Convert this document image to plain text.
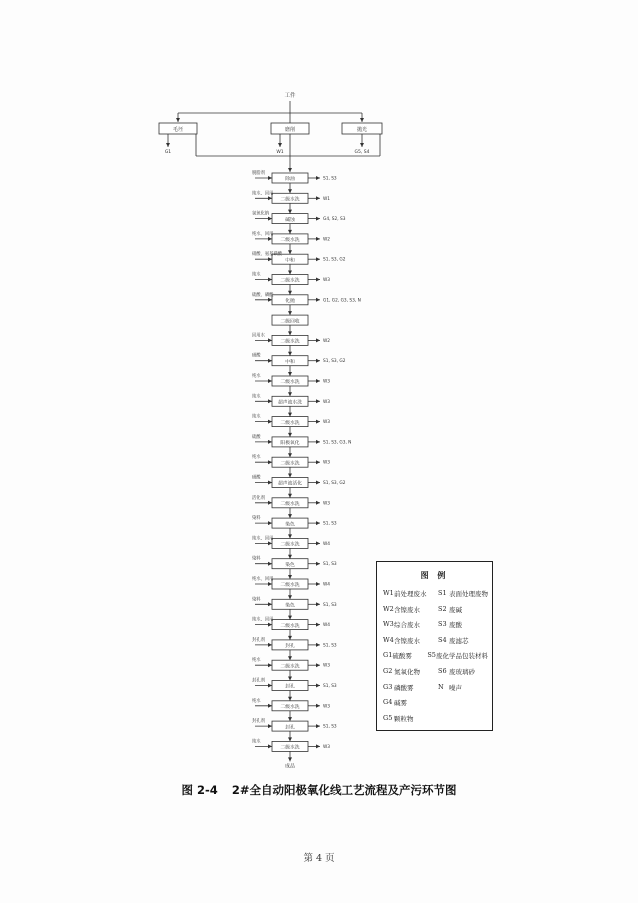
工件
毛坯
G1
磨削
W1
抛光
G5, S4
除油
脱脂剂
S1, S3
二级水洗
纯水、回用
W1
碱蚀
氢氧化钠
G4, S2, S3
二级水洗
纯水、回用
W2
中和
硝酸、氨基磺酸
S1, S3, G2
二级水洗
纯水
W3
化抛
硫酸、磷酸
G1, G2, G3, S3, N
二级回收
二级水洗
回用水
W2
中和
硝酸
S1, S3, G2
二级水洗
纯水
W3
超声波水洗
纯水
W3
二级水洗
纯水
W3
阳极氧化
硫酸
S1, S3, G3, N
二级水洗
纯水
W3
超声波活化
硝酸
S1, S3, G2
二级水洗
活化剂
W3
染色
染料
S1, S3
二级水洗
纯水、回用
W4
染色
染料
S1, S3
二级水洗
纯水、回用
W4
染色
染料
S1, S3
二级水洗
纯水、回用
W4
封孔
封孔剂
S1, S3
二级水洗
纯水
W3
封孔
封孔剂
S1, S3
二级水洗
纯水
W3
封孔
封孔剂
S1, S3
二级水洗
纯水
W3
成品
图 例
W1 前处理废水	S1 表面处理废物
W2 含镍废水	S2 废碱
W3 综合废水	S3 废酸
W4 含镍废水	S4 废滤芯
G1 硫酸雾	S5 废化学品包装材料
G2 氮氧化物	S6 废玻璃砂
G3 磷酸雾	N 噪声
G4 碱雾
G5 颗粒物
图 2-4 2#全自动阳极氧化线工艺流程及产污环节图
第 4 页
